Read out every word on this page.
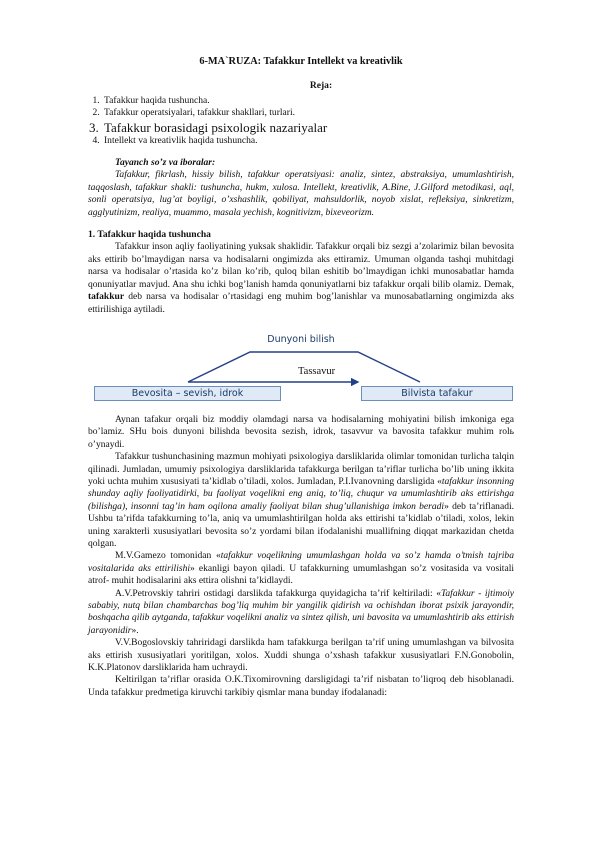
6-MA`RUZA: Tafakkur Intellekt va kreativlik
Reja:
1. Tafakkur haqida tushuncha.
2. Tafakkur operatsiyalari, tafakkur shakllari, turlari.
3. Tafakkur borasidagi psixologik nazariyalar
4. Intellekt va kreativlik haqida tushuncha.

Tayanch so’z va iboralar:

Tafakkur, fikrlash, hissiy bilish, tafakkur operatsiyasi: analiz, sintez, abstraksiya, umumlashtirish, taqqoslash, tafakkur shakli: tushuncha, hukm, xulosa. Intellekt, kreativlik, A.Bine, J.Gilford metodikasi, aql, sonli operatsiya, lug’at boyligi, o’xshashlik, qobiliyat, mahsuldorlik, noyob xislat, refleksiya, sinkretizm, agglyutinizm, realiya, muammo, masala yechish, kognitivizm, bixeveorizm.

1. Tafakkur haqida tushuncha

Tafakkur inson aqliy faoliyatining yuksak shaklidir. Tafakkur orqali biz sezgi a’zolarimiz bilan bevosita aks ettirib bo’lmaydigan narsa va hodisalarni ongimizda aks ettiramiz. Umuman olganda tashqi muhitdagi narsa va hodisalar o’rtasida ko’z bilan ko’rib, quloq bilan eshitib bo’lmaydigan ichki munosabatlar hamda qonuniyatlar mavjud. Ana shu ichki bog’lanish hamda qonuniyatlarni biz tafakkur orqali bilib olamiz. Demak, tafakkur deb narsa va hodisalar o’rtasidagi eng muhim bog’lanishlar va munosabatlarning ongimizda aks ettirilishiga aytiladi.

Dunyoni bilish
Tassavur
Bevosita – sevish, idrok	Bilvista tafakur

Aynan tafakur orqali biz moddiy olamdagi narsa va hodisalarning mohiyatini bilish imkoniga ega bo’lamiz. SHu bois dunyoni bilishda bevosita sezish, idrok, tasavvur va bavosita tafakkur muhim rolь o’ynaydi.

Tafakkur tushunchasining mazmun mohiyati psixologiya darsliklarida olimlar tomonidan turlicha talqin qilinadi. Jumladan, umumiy psixologiya darsliklarida tafakkurga berilgan ta’riflar turlicha bo’lib uning ikkita yoki uchta muhim xususiyati ta’kidlab o’tiladi, xolos. Jumladan, P.I.Ivanovning darsligida «tafakkur insonning shunday aqliy faoliyatidirki, bu faoliyat voqelikni eng aniq, to’liq, chuqur va umumlashtirib aks ettirishga (bilishga), insonni tag’in ham oqilona amaliy faoliyat bilan shug’ullanishiga imkon beradi» deb ta’riflanadi. Ushbu ta’rifda tafakkurning to’la, aniq va umumlashtirilgan holda aks ettirishi ta’kidlab o’tiladi, xolos, lekin uning xarakterli xususiyatlari bevosita so’z yordami bilan ifodalanishi muallifning diqqat markazidan chetda qolgan.

M.V.Gamezo tomonidan «tafakkur voqelikning umumlashgan holda va so’z hamda o’tmish tajriba vositalarida aks ettirilishi» ekanligi bayon qiladi. U tafakkurning umumlashgan so’z vositasida va vositali atrof- muhit hodisalarini aks ettira olishni ta’kidlaydi.

A.V.Petrovskiy tahriri ostidagi darslikda tafakkurga quyidagicha ta’rif keltiriladi: «Tafakkur - ijtimoiy sababiy, nutq bilan chambarchas bog’liq muhim bir yangilik qidirish va ochishdan iborat psixik jarayondir, boshqacha qilib aytganda, tafakkur voqelikni analiz va sintez qilish, uni bavosita va umumlashtirib aks ettirish jarayonidir».

V.V.Bogoslovskiy tahriridagi darslikda ham tafakkurga berilgan ta’rif uning umumlashgan va bilvosita aks ettirish xususiyatlari yoritilgan, xolos. Xuddi shunga o’xshash tafakkur xususiyatlari F.N.Gonobolin, K.K.Platonov darsliklarida ham uchraydi.

Keltirilgan ta’riflar orasida O.K.Tixomirovning darsligidagi ta’rif nisbatan to’liqroq deb hisoblanadi. Unda tafakkur predmetiga kiruvchi tarkibiy qismlar mana bunday ifodalanadi:
